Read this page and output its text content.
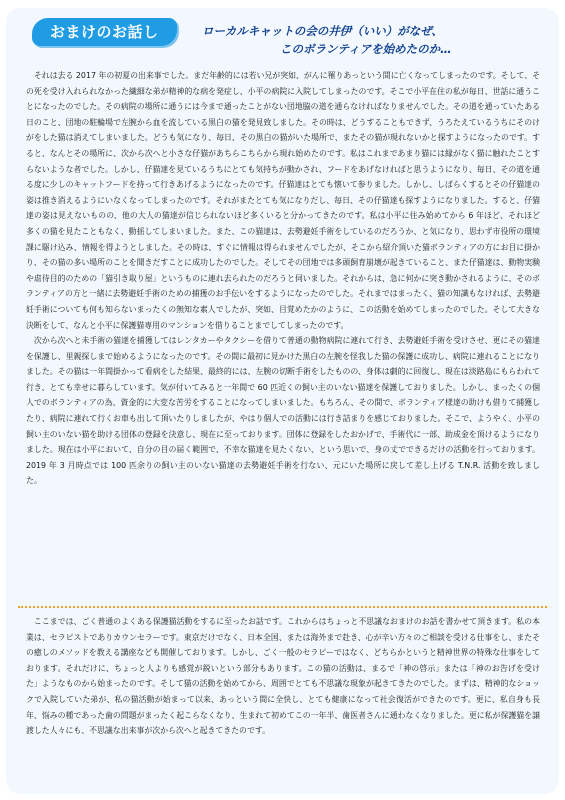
おまけのお話し	ローカルキャットの会の井伊（いい）がなぜ、
このボランティアを始めたのか…

それは去る 2017 年の初夏の出来事でした。まだ年齢的には若い兄が突如、がんに罹りあっという間に亡くなってしまったのです。そして、その死を受け入れられなかった繊細な弟が精神的な病を発症し、小平の病院に入院してしまったのです。そこで小平在住の私が毎日、世話に通うことになったのでした。その病院の場所に通うには今まで通ったことがない団地脇の道を通らなければなりませんでした。その道を通っていたある日のこと、団地の駐輪場で左腕から血を流している黒白の猫を発見致しました。その時は、どうすることもできず、うろたえているうちにそのけがをした猫は消えてしまいました。どうも気になり、毎日、その黒白の猫がいた場所で、またその猫が現れないかと探すようになったのです。すると、なんとその場所に、次から次へと小さな仔猫があちらこちらから現れ始めたのです。私はこれまであまり猫には縁がなく猫に触れたことすらないような者でした。しかし、仔猫達を見ているうちにとても気持ちが動かされ、フードをあげなければと思うようになり、毎日、その道を通る度に少しのキャットフードを持って行きあげるようになったのです。仔猫達はとても懐いて参りました。しかし、しばらくするとその仔猫達の姿は推き消えるようにいなくなってしまったのです。それがまたとても気になりだし、毎日、その仔猫達も探すようになりました。すると、仔猫達の姿は見えないものの、他の大人の猫達が信じられないほど多くいると分かってきたのです。私は小平に住み始めてから 6 年ほど、それほど多くの猫を見たこともなく、動揺してしまいました。また、この猫達は、去勢避妊手術をしているのだろうか、と気になり、思わず市役所の環境課に駆け込み、情報を得ようとしました。その時は、すぐに情報は得られませんでしたが、そこから紹介頂いた猫ボランティアの方にお目に掛かり、その猫の多い場所のことを聞きだすことに成功したのでした。そしてその団地では多頭飼育崩壊が起きていること、また仔猫達は、動物実験や虐待目的のための「猫引き取り屋」というものに連れ去られたのだろうと伺いました。それからは、急に何かに突き動かされるように、そのボランティアの方と一緒に去勢避妊手術のための捕獲のお手伝いをするようになったのでした。それまではまったく、猫の知識もなければ、去勢避妊手術についても何も知らないまったくの無知な素人でしたが、突如、目覚めたかのように、この活動を始めてしまったのでした。そして大きな決断をして、なんと小平に保護猫専用のマンションを借りることまでしてしまったのです。

次から次へと未手術の猫達を捕獲してはレンタカーやタクシーを借りて普通の動物病院に連れて行き、去勢避妊手術を受けさせ、更にその猫達を保護し、里親探しまで始めるようになったのです。その間に最初に見かけた黒白の左腕を怪我した猫の保護に成功し、病院に連れることになりました。その猫は一年間掛かって看病をした結果、最終的には、左腕の切断手術をしたものの、身体は劇的に回復し、現在は淡路島にもらわれて行き、とても幸せに暮らしています。気が付いてみると一年間で 60 匹近くの飼い主のいない猫達を保護しておりました。しかし、まったくの個人でのボランティアの為、資金的に大変な苦労をすることになってしまいました。もちろん、その間で、ボランティア様達の助けも借りて捕獲したり、病院に連れて行くお車も出して頂いたりしましたが、やはり個人での活動には行き詰まりを感じておりました。そこで、ようやく、小平の飼い主のいない猫を助ける団体の登録を決意し、現在に至っております。団体に登録をしたおかげで、手術代に一部、助成金を頂けるようになりました。現在は小平において、自分の目の届く範囲で、不幸な猫達を見たくない、という思いで、身の丈でできるだけの活動を行っております。2019 年 3 月時点では 100 匹余りの飼い主のいない猫達の去勢避妊手術を行ない、元にいた場所に戻して差し上げる T.N.R. 活動を致しました。

ここまでは、ごく普通のよくある保護猫活動をするに至ったお話です。これからはちょっと不思議なおまけのお話を書かせて頂きます。私の本業は、セラピストでありカウンセラーです。東京だけでなく、日本全国、または海外まで赴き、心が辛い方々のご相談を受ける仕事をし、またその癒しのメソッドを教える講座なども開催しております。しかし、ごく一般のセラピーではなく、どちらかというと精神世界の特殊な仕事をしております。それだけに、ちょっと人よりも感覚が鋭いという部分もあります。この猫の活動は、まるで「神の啓示」または「神のお告げを受けた」ようなものから始まったのです。そして猫の活動を始めてから、周囲でとても不思議な現象が起きてきたのでした。まずは、精神的なショックで入院していた弟が、私の猫活動が始まって以来、あっという間に全快し、とても健康になって社会復活ができたのです。更に、私自身も長年、悩みの種であった歯の問題がまったく起こらなくなり、生まれて初めてこの一年半、歯医者さんに通わなくなりました。更に私が保護猫を譲渡した人々にも、不思議な出来事が次から次へと起きてきたのです。
